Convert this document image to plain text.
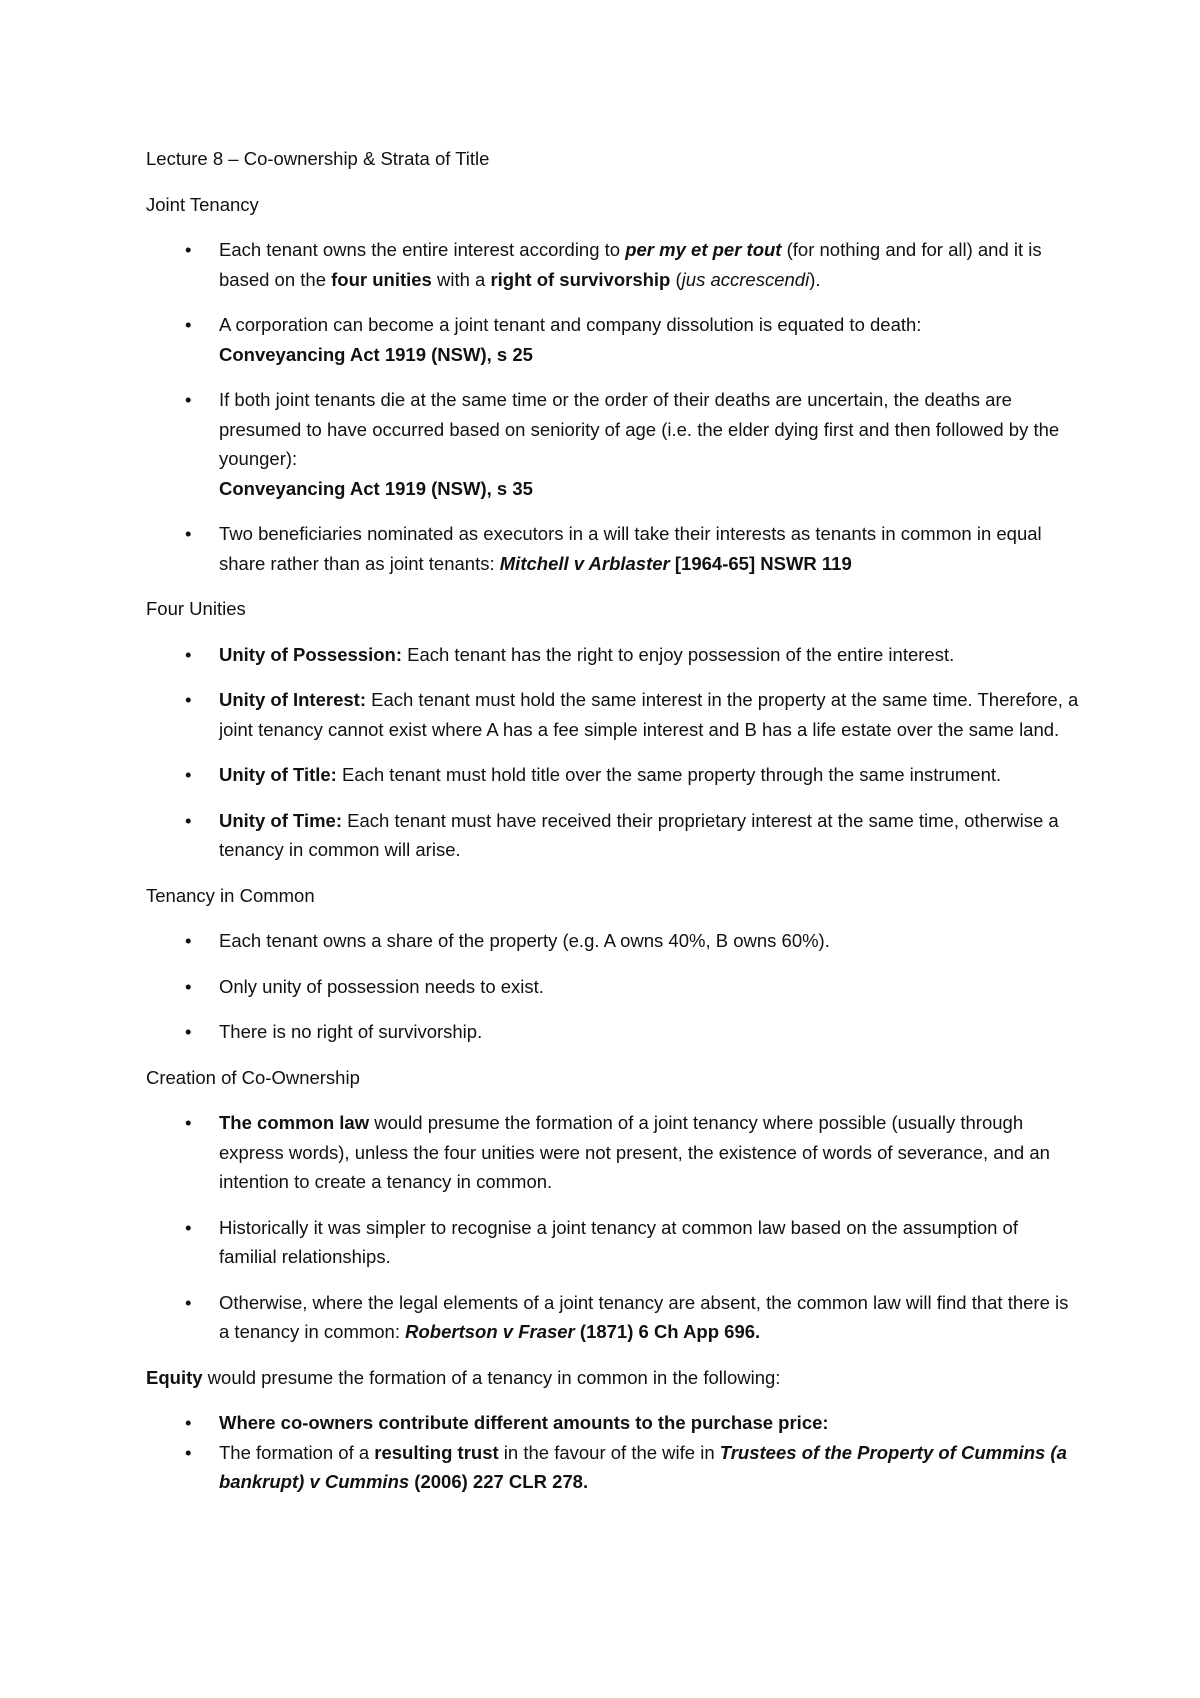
Lecture 8 – Co-ownership & Strata of Title

Joint Tenancy

• Each tenant owns the entire interest according to per my et per tout (for nothing and for all) and it is based on the four unities with a right of survivorship (jus accrescendi).
• A corporation can become a joint tenant and company dissolution is equated to death:
Conveyancing Act 1919 (NSW), s 25
• If both joint tenants die at the same time or the order of their deaths are uncertain, the deaths are presumed to have occurred based on seniority of age (i.e. the elder dying first and then followed by the younger):
Conveyancing Act 1919 (NSW), s 35
• Two beneficiaries nominated as executors in a will take their interests as tenants in common in equal share rather than as joint tenants: Mitchell v Arblaster [1964-65] NSWR 119

Four Unities

• Unity of Possession: Each tenant has the right to enjoy possession of the entire interest.
• Unity of Interest: Each tenant must hold the same interest in the property at the same time. Therefore, a joint tenancy cannot exist where A has a fee simple interest and B has a life estate over the same land.
• Unity of Title: Each tenant must hold title over the same property through the same instrument.
• Unity of Time: Each tenant must have received their proprietary interest at the same time, otherwise a tenancy in common will arise.

Tenancy in Common

• Each tenant owns a share of the property (e.g. A owns 40%, B owns 60%).
• Only unity of possession needs to exist.
• There is no right of survivorship.

Creation of Co-Ownership

• The common law would presume the formation of a joint tenancy where possible (usually through express words), unless the four unities were not present, the existence of words of severance, and an intention to create a tenancy in common.
• Historically it was simpler to recognise a joint tenancy at common law based on the assumption of familial relationships.
• Otherwise, where the legal elements of a joint tenancy are absent, the common law will find that there is a tenancy in common: Robertson v Fraser (1871) 6 Ch App 696.

Equity would presume the formation of a tenancy in common in the following:

• Where co-owners contribute different amounts to the purchase price:
• The formation of a resulting trust in the favour of the wife in Trustees of the Property of Cummins (a bankrupt) v Cummins (2006) 227 CLR 278.
